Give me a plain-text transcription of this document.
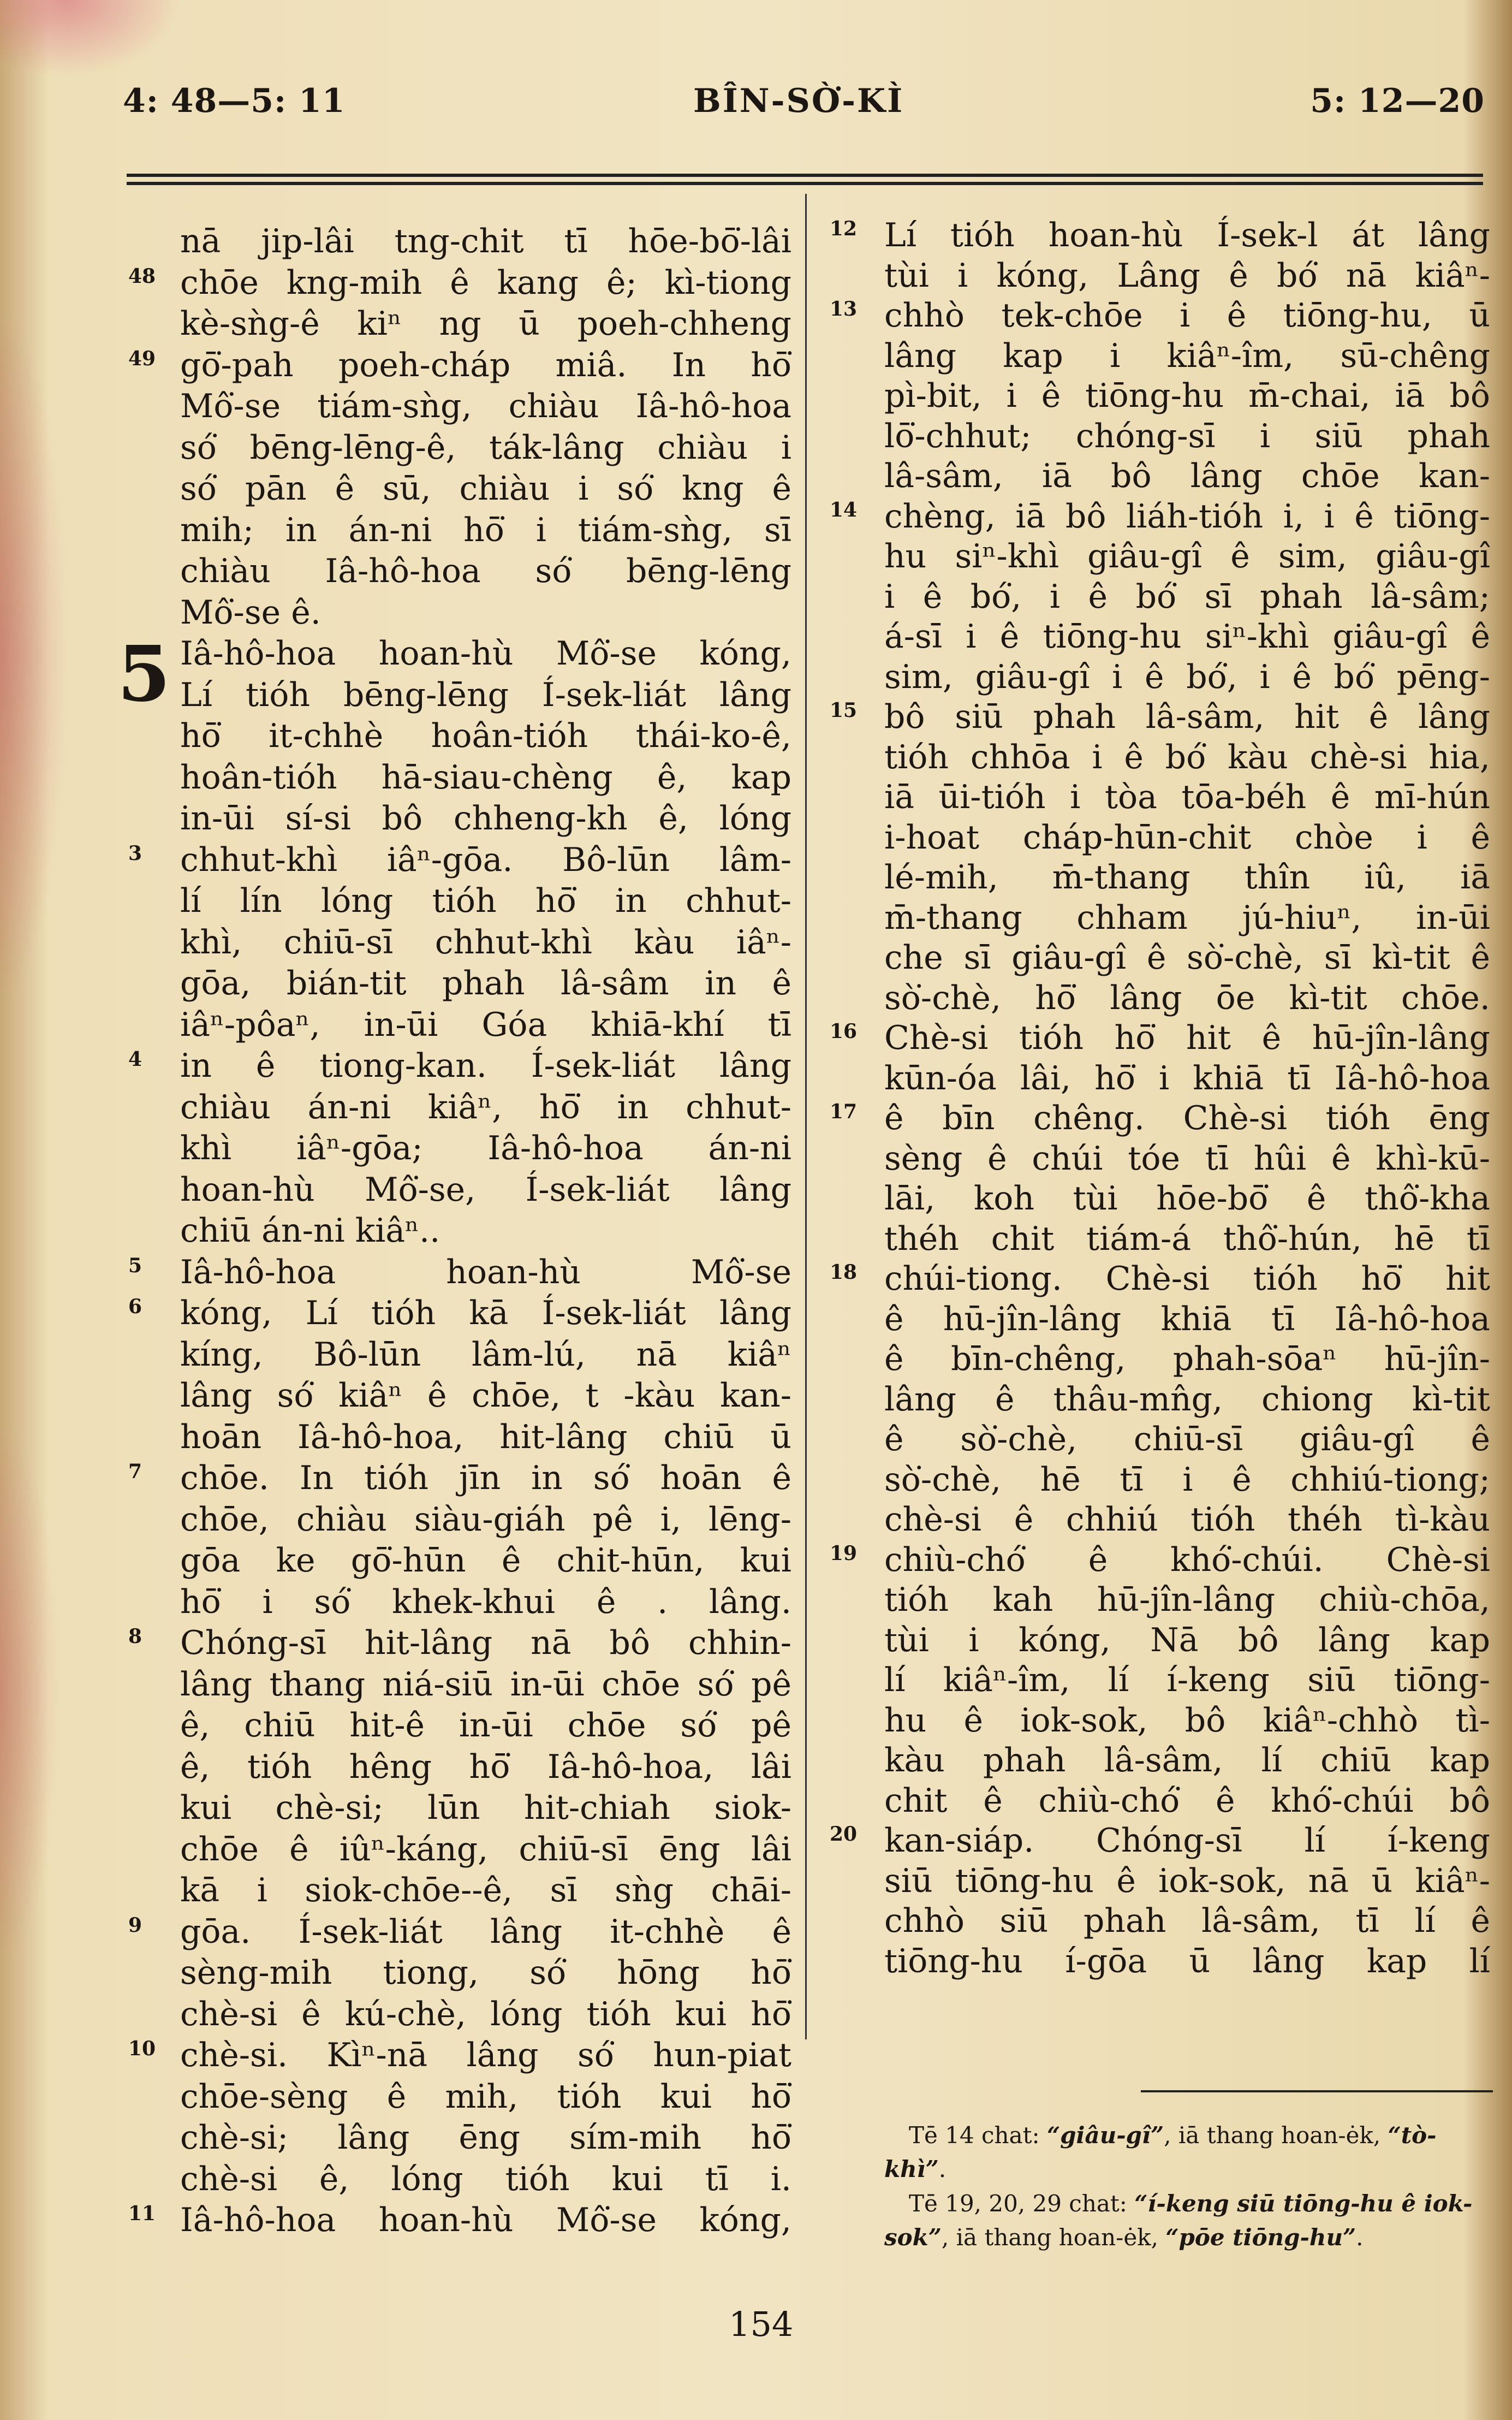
4: 48—5: 11	BÎN-SÒ͘-KÌ	5: 12—20
nā jip-lâi tng-chit tī hōe-bō͘-lâi
48 chōe kng-mih ê kang ê; kì-tiong
kè-sǹg-ê kiⁿ ng ū poeh-chheng
49 gō͘-pah poeh-cháp miâ. In hō͘
Mô͘-se tiám-sǹg, chiàu Iâ-hô-hoa
só͘ bēng-lēng-ê, ták-lâng chiàu i
só͘ pān ê sū, chiàu i só͘ kng ê
mih; in án-ni hō͘ i tiám-sǹg, sī
chiàu Iâ-hô-hoa só͘ bēng-lēng
Mô͘-se ê.
5 Iâ-hô-hoa hoan-hù Mô͘-se kóng,
Lí tióh bēng-lēng Í-sek-liát lâng
hō͘ it-chhè hoân-tióh thái-ko-ê,
hoân-tióh hā-siau-chèng ê, kap
in-ūi sí-si bô chheng-kh ê, lóng
3 chhut-khì iâⁿ-gōa. Bô-lūn lâm-
lí lín lóng tióh hō͘ in chhut-
khì, chiū-sī chhut-khì kàu iâⁿ-
gōa, bián-tit phah lâ-sâm in ê
iâⁿ-pôaⁿ, in-ūi Góa khiā-khí tī
4 in ê tiong-kan. Í-sek-liát lâng
chiàu án-ni kiâⁿ, hō͘ in chhut-
khì iâⁿ-gōa; Iâ-hô-hoa án-ni
hoan-hù Mô͘-se, Í-sek-liát lâng
chiū án-ni kiâⁿ..
5 Iâ-hô-hoa hoan-hù Mô͘-se
6 kóng, Lí tióh kā Í-sek-liát lâng
kíng, Bô-lūn lâm-lú, nā kiâⁿ
lâng só͘ kiâⁿ ê chōe, t -kàu kan-
hoān Iâ-hô-hoa, hit-lâng chiū ū
7 chōe. In tióh jīn in só͘ hoān ê
chōe, chiàu siàu-giáh pê i, lēng-
gōa ke gō͘-hūn ê chit-hūn, kui
hō͘ i só͘ khek-khui ê . lâng.
8 Chóng-sī hit-lâng nā bô chhin-
lâng thang niá-siū in-ūi chōe só͘ pê
ê, chiū hit-ê in-ūi chōe só͘ pê
ê, tióh hêng hō͘ Iâ-hô-hoa, lâi
kui chè-si; lūn hit-chiah siok-
chōe ê iûⁿ-káng, chiū-sī ēng lâi
kā i siok-chōe--ê, sī sǹg chāi-
9 gōa. Í-sek-liát lâng it-chhè ê
sèng-mih tiong, só͘ hōng hō͘
chè-si ê kú-chè, lóng tióh kui hō͘
10 chè-si. Kìⁿ-nā lâng só͘ hun-piat
chōe-sèng ê mih, tióh kui hō͘
chè-si; lâng ēng sím-mih hō͘
chè-si ê, lóng tióh kui tī i.
11 Iâ-hô-hoa hoan-hù Mô͘-se kóng,
12 Lí tióh hoan-hù Í-sek-l át lâng
tùi i kóng, Lâng ê bó͘ nā kiâⁿ-
13 chhò tek-chōe i ê tiōng-hu, ū
lâng kap i kiâⁿ-îm, sū-chêng
pì-bit, i ê tiōng-hu m̄-chai, iā bô
lō͘-chhut; chóng-sī i siū phah
lâ-sâm, iā bô lâng chōe kan-
14 chèng, iā bô liáh-tióh i, i ê tiōng-
hu siⁿ-khì giâu-gî ê sim, giâu-gî
i ê bó͘, i ê bó͘ sī phah lâ-sâm;
á-sī i ê tiōng-hu siⁿ-khì giâu-gî ê
sim, giâu-gî i ê bó͘, i ê bó͘ pēng-
15 bô siū phah lâ-sâm, hit ê lâng
tióh chhōa i ê bó͘ kàu chè-si hia,
iā ūi-tióh i tòa tōa-béh ê mī-hún
i-hoat cháp-hūn-chit chòe i ê
lé-mih, m̄-thang thîn iû, iā
m̄-thang chham jú-hiuⁿ, in-ūi
che sī giâu-gî ê sò͘-chè, sī kì-tit ê
sò͘-chè, hō͘ lâng ōe kì-tit chōe.
16 Chè-si tióh hō͘ hit ê hū-jîn-lâng
kūn-óa lâi, hō͘ i khiā tī Iâ-hô-hoa
17 ê bīn chêng. Chè-si tióh ēng
sèng ê chúi tóe tī hûi ê khì-kū-
lāi, koh tùi hōe-bō͘ ê thô͘-kha
théh chit tiám-á thô͘-hún, hē tī
18 chúi-tiong. Chè-si tióh hō͘ hit
ê hū-jîn-lâng khiā tī Iâ-hô-hoa
ê bīn-chêng, phah-sōaⁿ hū-jîn-
lâng ê thâu-mn̂g, chiong kì-tit
ê sò͘-chè, chiū-sī giâu-gî ê
sò͘-chè, hē tī i ê chhiú-tiong;
chè-si ê chhiú tióh théh tì-kàu
19 chiù-chó͘ ê khó͘-chúi. Chè-si
tióh kah hū-jîn-lâng chiù-chōa,
tùi i kóng, Nā bô lâng kap
lí kiâⁿ-îm, lí í-keng siū tiōng-
hu ê iok-sok, bô kiâⁿ-chhò tì-
kàu phah lâ-sâm, lí chiū kap
chit ê chiù-chó͘ ê khó͘-chúi bô
20 kan-siáp. Chóng-sī lí í-keng
siū tiōng-hu ê iok-sok, nā ū kiâⁿ-
chhò siū phah lâ-sâm, tī lí ê
tiōng-hu í-gōa ū lâng kap lí
Tē 14 chat: “giâu-gî”, iā thang hoan-ėk, “tò-khì”.
Tē 19, 20, 29 chat: “í-keng siū tiōng-hu ê iok-sok”, iā thang hoan-ėk, “pōe tiōng-hu”.
154
